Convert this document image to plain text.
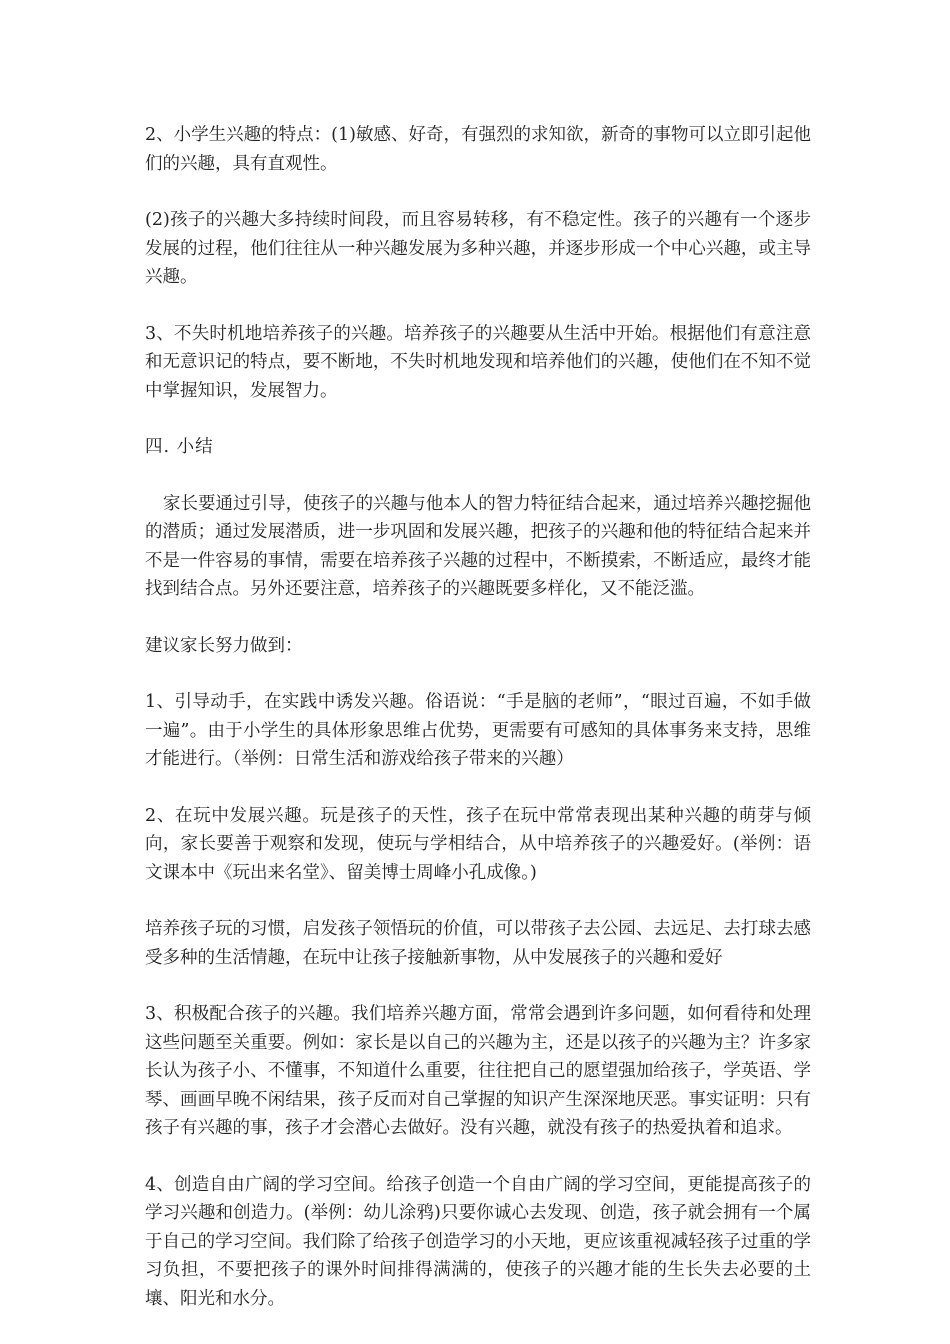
2、小学生兴趣的特点：(1)敏感、好奇，有强烈的求知欲，新奇的事物可以立即引起他们的兴趣，具有直观性。

(2)孩子的兴趣大多持续时间段，而且容易转移，有不稳定性。孩子的兴趣有一个逐步发展的过程，他们往往从一种兴趣发展为多种兴趣，并逐步形成一个中心兴趣，或主导兴趣。

3、不失时机地培养孩子的兴趣。培养孩子的兴趣要从生活中开始。根据他们有意注意和无意识记的特点，要不断地，不失时机地发现和培养他们的兴趣，使他们在不知不觉中掌握知识，发展智力。

四. 小结

家长要通过引导，使孩子的兴趣与他本人的智力特征结合起来，通过培养兴趣挖掘他的潜质；通过发展潜质，进一步巩固和发展兴趣，把孩子的兴趣和他的特征结合起来并不是一件容易的事情，需要在培养孩子兴趣的过程中，不断摸索，不断适应，最终才能找到结合点。另外还要注意，培养孩子的兴趣既要多样化，又不能泛滥。

建议家长努力做到：

1、引导动手，在实践中诱发兴趣。俗语说：“手是脑的老师”，“眼过百遍，不如手做一遍”。由于小学生的具体形象思维占优势，更需要有可感知的具体事务来支持，思维才能进行。（举例：日常生活和游戏给孩子带来的兴趣）

2、在玩中发展兴趣。玩是孩子的天性，孩子在玩中常常表现出某种兴趣的萌芽与倾向，家长要善于观察和发现，使玩与学相结合，从中培养孩子的兴趣爱好。(举例：语文课本中《玩出来名堂》、留美博士周峰小孔成像。)

培养孩子玩的习惯，启发孩子领悟玩的价值，可以带孩子去公园、去远足、去打球去感受多种的生活情趣，在玩中让孩子接触新事物，从中发展孩子的兴趣和爱好

3、积极配合孩子的兴趣。我们培养兴趣方面，常常会遇到许多问题，如何看待和处理这些问题至关重要。例如：家长是以自己的兴趣为主，还是以孩子的兴趣为主？许多家长认为孩子小、不懂事，不知道什么重要，往往把自己的愿望强加给孩子，学英语、学琴、画画早晚不闲结果，孩子反而对自己掌握的知识产生深深地厌恶。事实证明：只有孩子有兴趣的事，孩子才会潜心去做好。没有兴趣，就没有孩子的热爱执着和追求。

4、创造自由广阔的学习空间。给孩子创造一个自由广阔的学习空间，更能提高孩子的学习兴趣和创造力。(举例：幼儿涂鸦)只要你诚心去发现、创造，孩子就会拥有一个属于自己的学习空间。我们除了给孩子创造学习的小天地，更应该重视减轻孩子过重的学习负担，不要把孩子的课外时间排得满满的，使孩子的兴趣才能的生长失去必要的土壤、阳光和水分。
